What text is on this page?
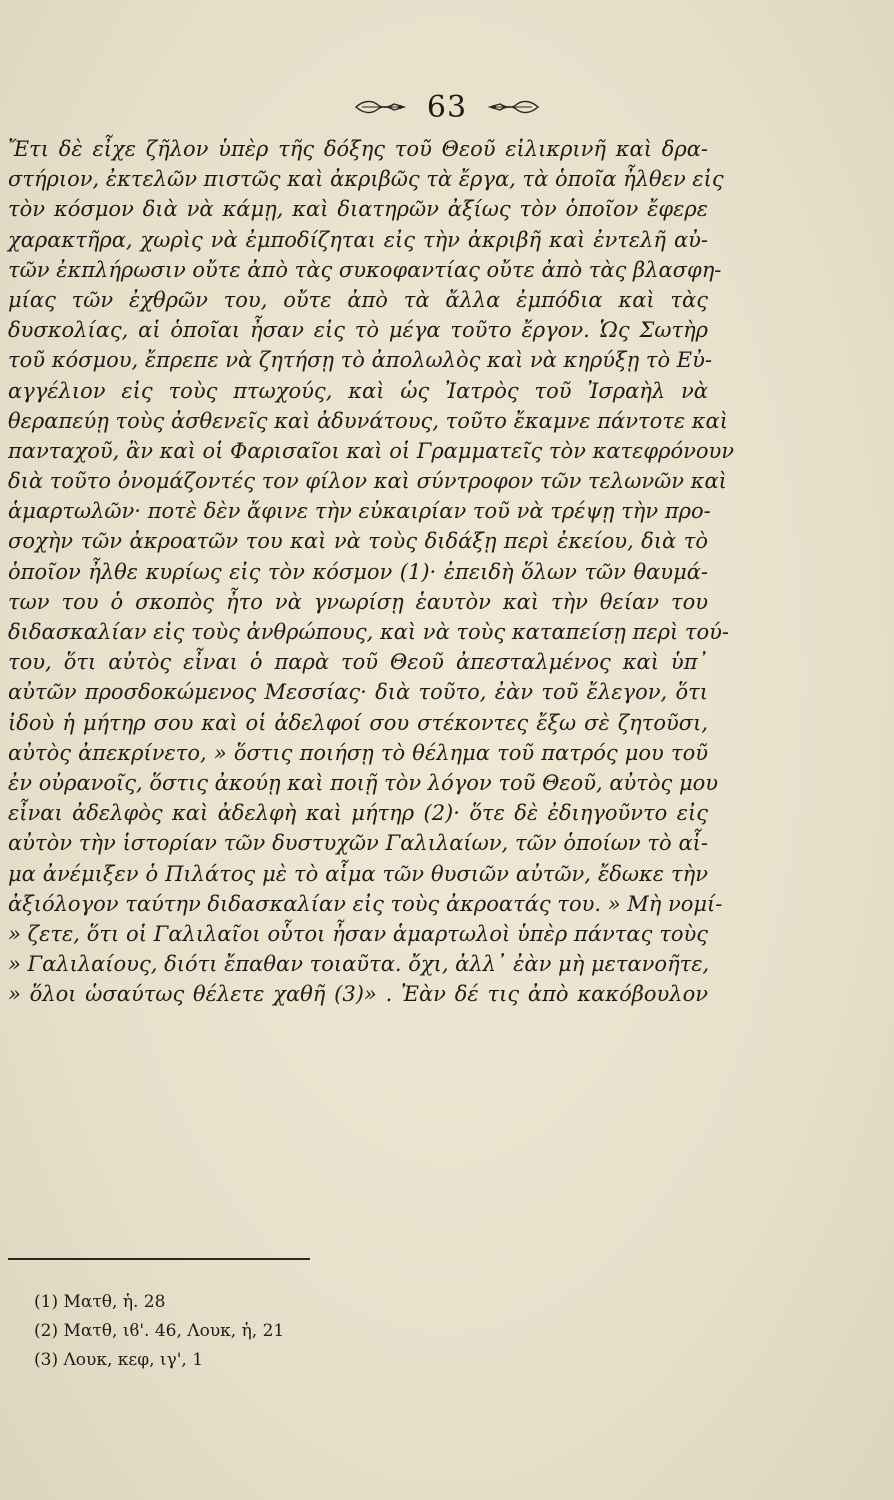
63
Ἔτι δὲ εἶχε ζῆλον ὑπὲρ τῆς δόξης τοῦ Θεοῦ εἰλικρινῆ καὶ δρα-
στήριον, ἐκτελῶν πιστῶς καὶ ἀκριβῶς τὰ ἔργα, τὰ ὁποῖα ἦλθεν εἰς
τὸν κόσμον διὰ νὰ κάμῃ, καὶ διατηρῶν ἀξίως τὸν ὁποῖον ἔφερε
χαρακτῆρα, χωρὶς νὰ ἐμποδίζηται εἰς τὴν ἀκριβῆ καὶ ἐντελῆ αὐ-
τῶν ἐκπλήρωσιν οὔτε ἀπὸ τὰς συκοφαντίας οὔτε ἀπὸ τὰς βλασφη-
μίας τῶν ἐχθρῶν του, οὔτε ἀπὸ τὰ ἄλλα ἐμπόδια καὶ τὰς
δυσκολίας, αἱ ὁποῖαι ἦσαν εἰς τὸ μέγα τοῦτο ἔργον. Ὡς Σωτὴρ
τοῦ κόσμου, ἔπρεπε νὰ ζητήσῃ τὸ ἀπολωλὸς καὶ νὰ κηρύξῃ τὸ Εὐ-
αγγέλιον εἰς τοὺς πτωχούς, καὶ ὡς Ἰατρὸς τοῦ Ἰσραὴλ νὰ
θεραπεύῃ τοὺς ἀσθενεῖς καὶ ἀδυνάτους, τοῦτο ἔκαμνε πάντοτε καὶ
πανταχοῦ, ἂν καὶ οἱ Φαρισαῖοι καὶ οἱ Γραμματεῖς τὸν κατεφρόνουν
διὰ τοῦτο ὀνομάζοντές τον φίλον καὶ σύντροφον τῶν τελωνῶν καὶ
ἁμαρτωλῶν· ποτὲ δὲν ἄφινε τὴν εὐκαιρίαν τοῦ νὰ τρέψῃ τὴν προ-
σοχὴν τῶν ἀκροατῶν του καὶ νὰ τοὺς διδάξῃ περὶ ἐκείου, διὰ τὸ
ὁποῖον ἦλθε κυρίως εἰς τὸν κόσμον (1)· ἐπειδὴ ὅλων τῶν θαυμά-
των του ὁ σκοπὸς ἦτο νὰ γνωρίσῃ ἑαυτὸν καὶ τὴν θείαν του
διδασκαλίαν εἰς τοὺς ἀνθρώπους, καὶ νὰ τοὺς καταπείσῃ περὶ τού-
του, ὅτι αὐτὸς εἶναι ὁ παρὰ τοῦ Θεοῦ ἀπεσταλμένος καὶ ὑπ᾽
αὐτῶν προσδοκώμενος Μεσσίας· διὰ τοῦτο, ἐὰν τοῦ ἔλεγον, ὅτι
ἰδοὺ ἡ μήτηρ σου καὶ οἱ ἀδελφοί σου στέκοντες ἔξω σὲ ζητοῦσι,
αὐτὸς ἀπεκρίνετο, » ὅστις ποιήσῃ τὸ θέλημα τοῦ πατρός μου τοῦ
ἐν οὐρανοῖς, ὅστις ἀκούῃ καὶ ποιῇ τὸν λόγον τοῦ Θεοῦ, αὐτὸς μου
εἶναι ἀδελφὸς καὶ ἀδελφὴ καὶ μήτηρ (2)· ὅτε δὲ ἐδιηγοῦντο εἰς
αὐτὸν τὴν ἱστορίαν τῶν δυστυχῶν Γαλιλαίων, τῶν ὁποίων τὸ αἷ-
μα ἀνέμιξεν ὁ Πιλάτος μὲ τὸ αἷμα τῶν θυσιῶν αὐτῶν, ἔδωκε τὴν
ἀξιόλογον ταύτην διδασκαλίαν εἰς τοὺς ἀκροατάς του. » Μὴ νομί-
» ζετε, ὅτι οἱ Γαλιλαῖοι οὗτοι ἦσαν ἁμαρτωλοὶ ὑπὲρ πάντας τοὺς
» Γαλιλαίους, διότι ἔπαθαν τοιαῦτα. ὄχι, ἀλλ᾽ ἐὰν μὴ μετανοῆτε,
» ὅλοι ὡσαύτως θέλετε χαθῆ (3)» . Ἐὰν δέ τις ἀπὸ κακόβουλον
(1) Ματθ, ἡ. 28
(2) Ματθ, ιϐ'. 46, Λουκ, ἡ, 21
(3) Λουκ, κεφ, ιγ', 1
